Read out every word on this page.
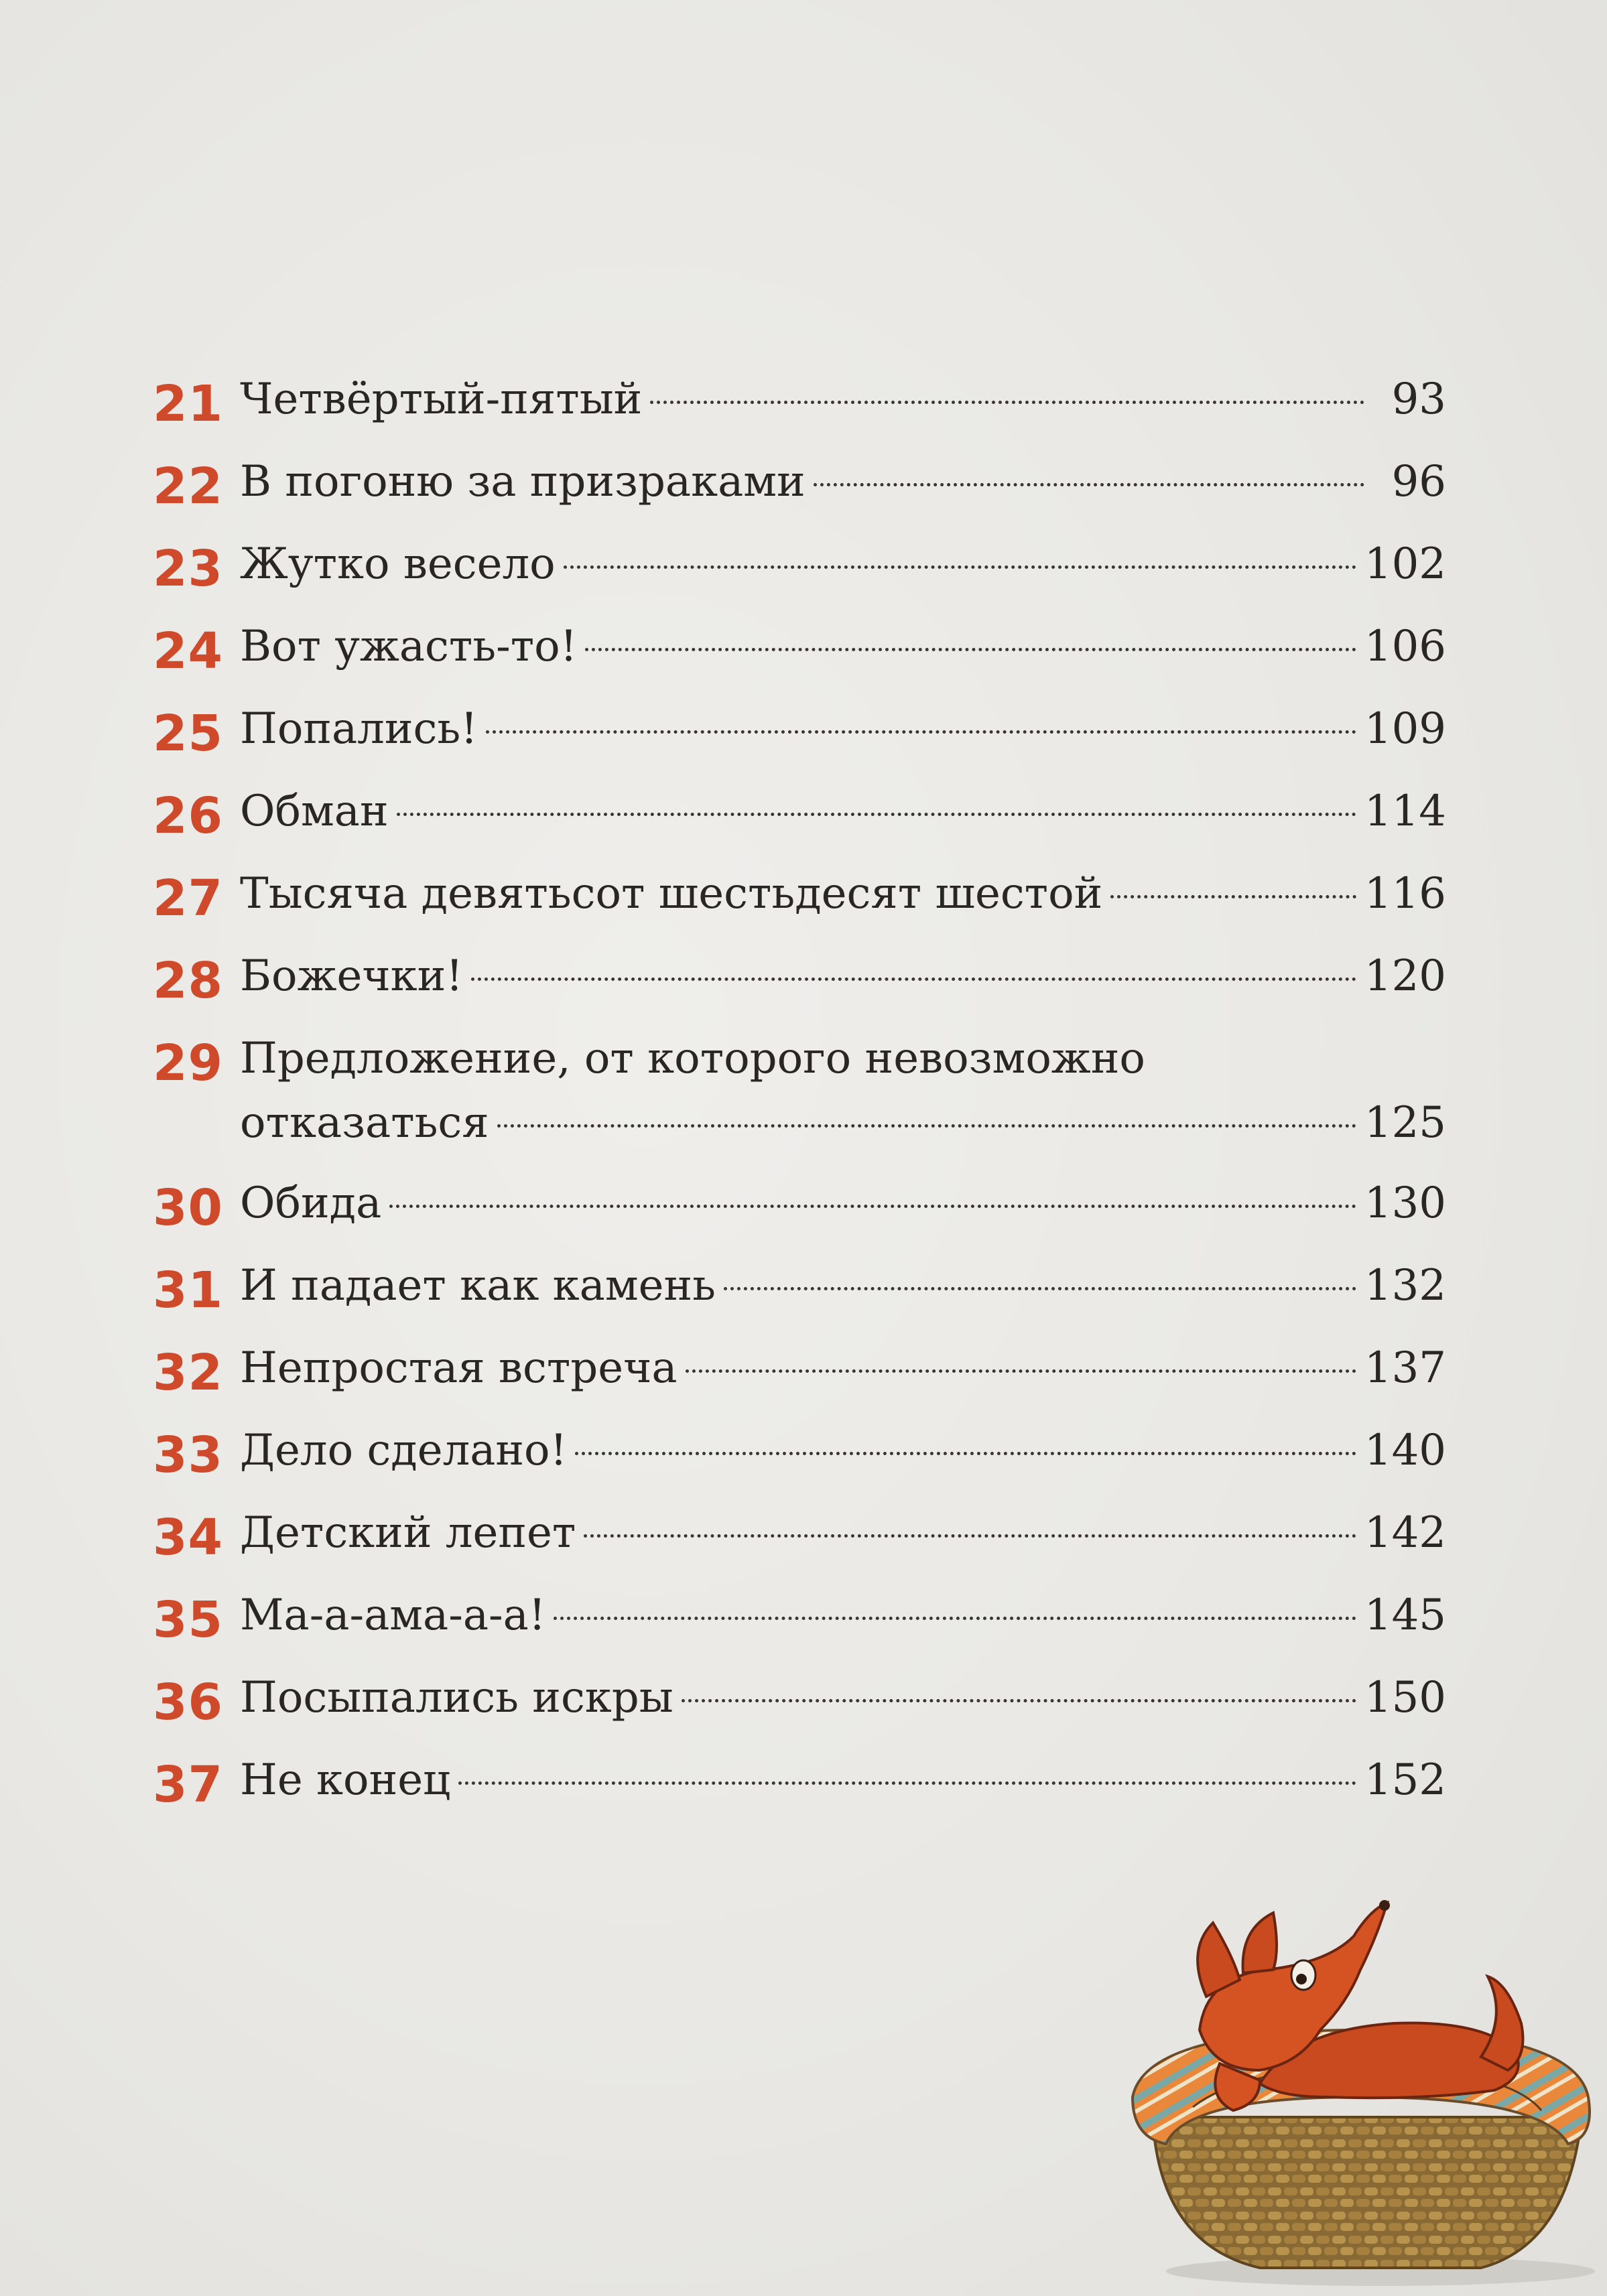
21 Четвёртый-пятый	93
22 В погоню за призраками	96
23 Жутко весело	102
24 Вот ужасть-то!	106
25 Попались!	109
26 Обман	114
27 Тысяча девятьсот шестьдесят шестой	116
28 Божечки!	120
29 Предложение, от которого невозможно
отказаться	125
30 Обида	130
31 И падает как камень	132
32 Непростая встреча	137
33 Дело сделано!	140
34 Детский лепет	142
35 Ма-а-ама-а-а!	145
36 Посыпались искры	150
37 Не конец	152
